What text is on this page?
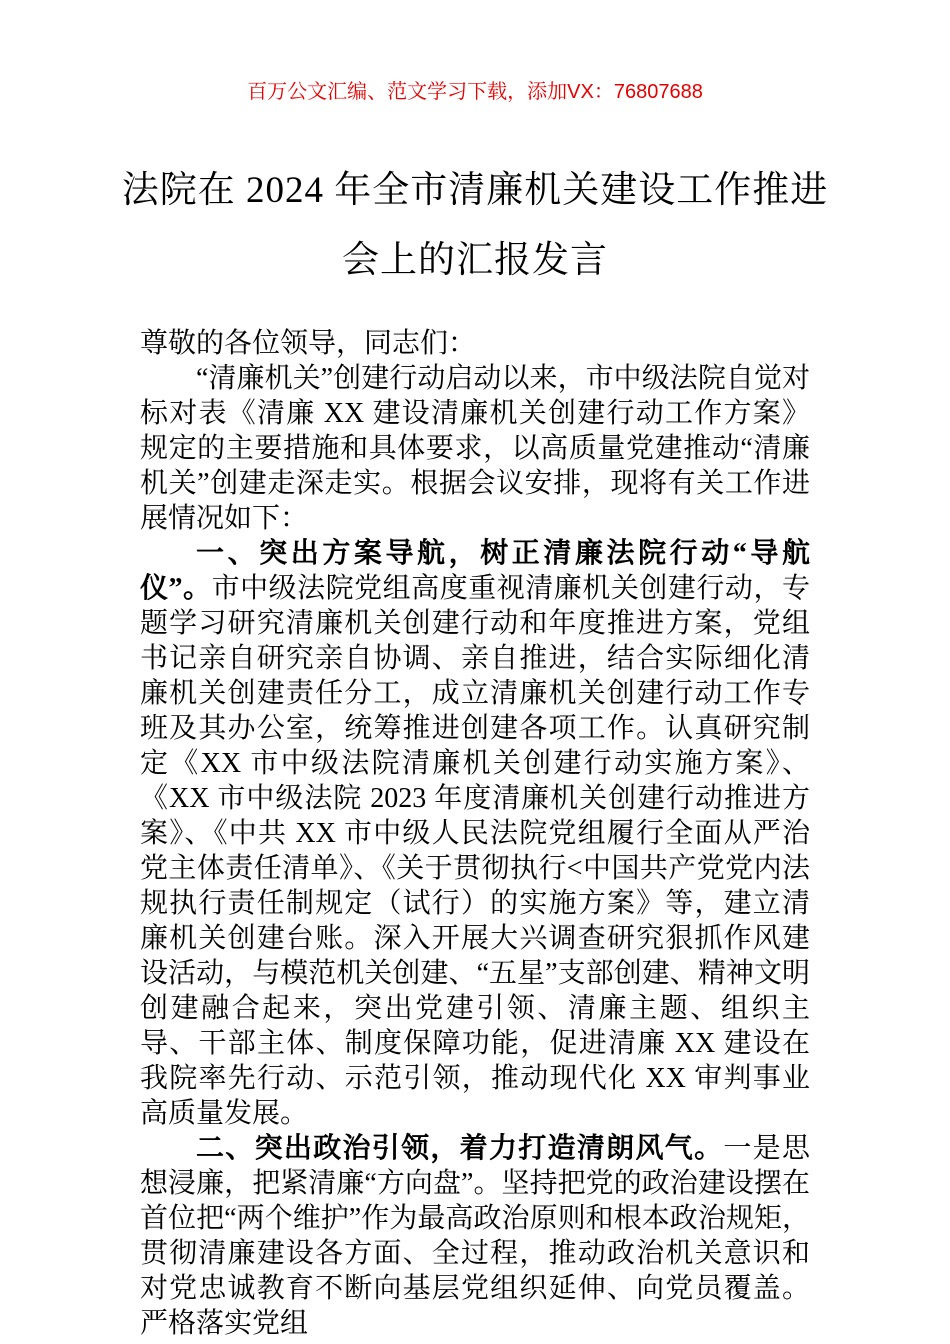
百万公文汇编、范文学习下载，添加VX：76807688
法院在 2024 年全市清廉机关建设工作推进
会上的汇报发言

尊敬的各位领导，同志们：

“清廉机关”创建行动启动以来，市中级法院自觉对标对表《清廉 XX 建设清廉机关创建行动工作方案》规定的主要措施和具体要求，以高质量党建推动“清廉机关”创建走深走实。根据会议安排，现将有关工作进展情况如下：

一、突出方案导航，树正清廉法院行动“导航仪”。市中级法院党组高度重视清廉机关创建行动，专题学习研究清廉机关创建行动和年度推进方案，党组书记亲自研究亲自协调、亲自推进，结合实际细化清廉机关创建责任分工，成立清廉机关创建行动工作专班及其办公室，统筹推进创建各项工作。认真研究制定《XX 市中级法院清廉机关创建行动实施方案》、《XX 市中级法院 2023 年度清廉机关创建行动推进方案》、《中共 XX 市中级人民法院党组履行全面从严治党主体责任清单》、《关于贯彻执行<中国共产党党内法规执行责任制规定（试行）的实施方案》等，建立清廉机关创建台账。深入开展大兴调查研究狠抓作风建设活动，与模范机关创建、“五星”支部创建、精神文明创建融合起来，突出党建引领、清廉主题、组织主导、干部主体、制度保障功能，促进清廉 XX 建设在我院率先行动、示范引领，推动现代化 XX 审判事业高质量发展。

二、突出政治引领，着力打造清朗风气。一是思想浸廉，把紧清廉“方向盘”。坚持把党的政治建设摆在首位把“两个维护”作为最高政治原则和根本政治规矩，贯彻清廉建设各方面、全过程，推动政治机关意识和对党忠诚教育不断向基层党组织延伸、向党员覆盖。严格落实党组
